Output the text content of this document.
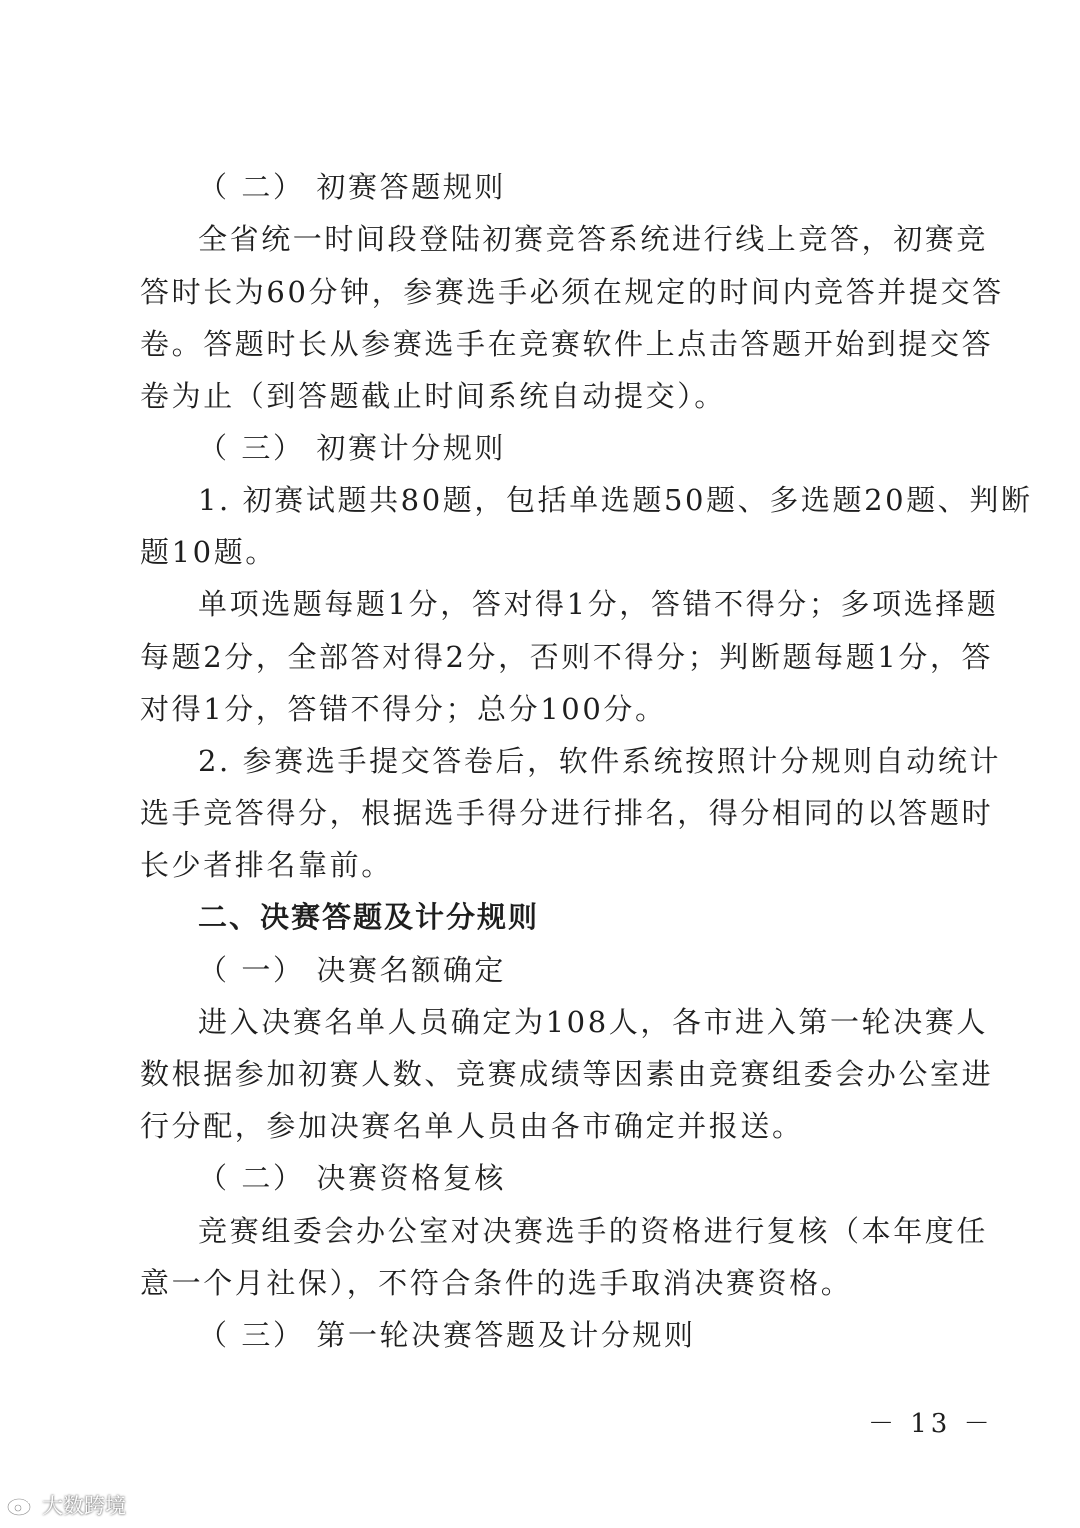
（ 二） 初赛答题规则
全省统一时间段登陆初赛竞答系统进行线上竞答，初赛竞
答时长为60分钟，参赛选手必须在规定的时间内竞答并提交答
卷。答题时长从参赛选手在竞赛软件上点击答题开始到提交答
卷为止（到答题截止时间系统自动提交）。
（ 三） 初赛计分规则
1. 初赛试题共80题，包括单选题50题、多选题20题、判断
题10题。
单项选题每题1分，答对得1分，答错不得分；多项选择题
每题2分，全部答对得2分，否则不得分；判断题每题1分，答
对得1分，答错不得分；总分100分。
2. 参赛选手提交答卷后，软件系统按照计分规则自动统计
选手竞答得分，根据选手得分进行排名，得分相同的以答题时
长少者排名靠前。
二、决赛答题及计分规则
（ 一） 决赛名额确定
进入决赛名单人员确定为108人，各市进入第一轮决赛人
数根据参加初赛人数、竞赛成绩等因素由竞赛组委会办公室进
行分配，参加决赛名单人员由各市确定并报送。
（ 二） 决赛资格复核
竞赛组委会办公室对决赛选手的资格进行复核（本年度任
意一个月社保），不符合条件的选手取消决赛资格。
（ 三） 第一轮决赛答题及计分规则
－ 13 －
大数跨境
